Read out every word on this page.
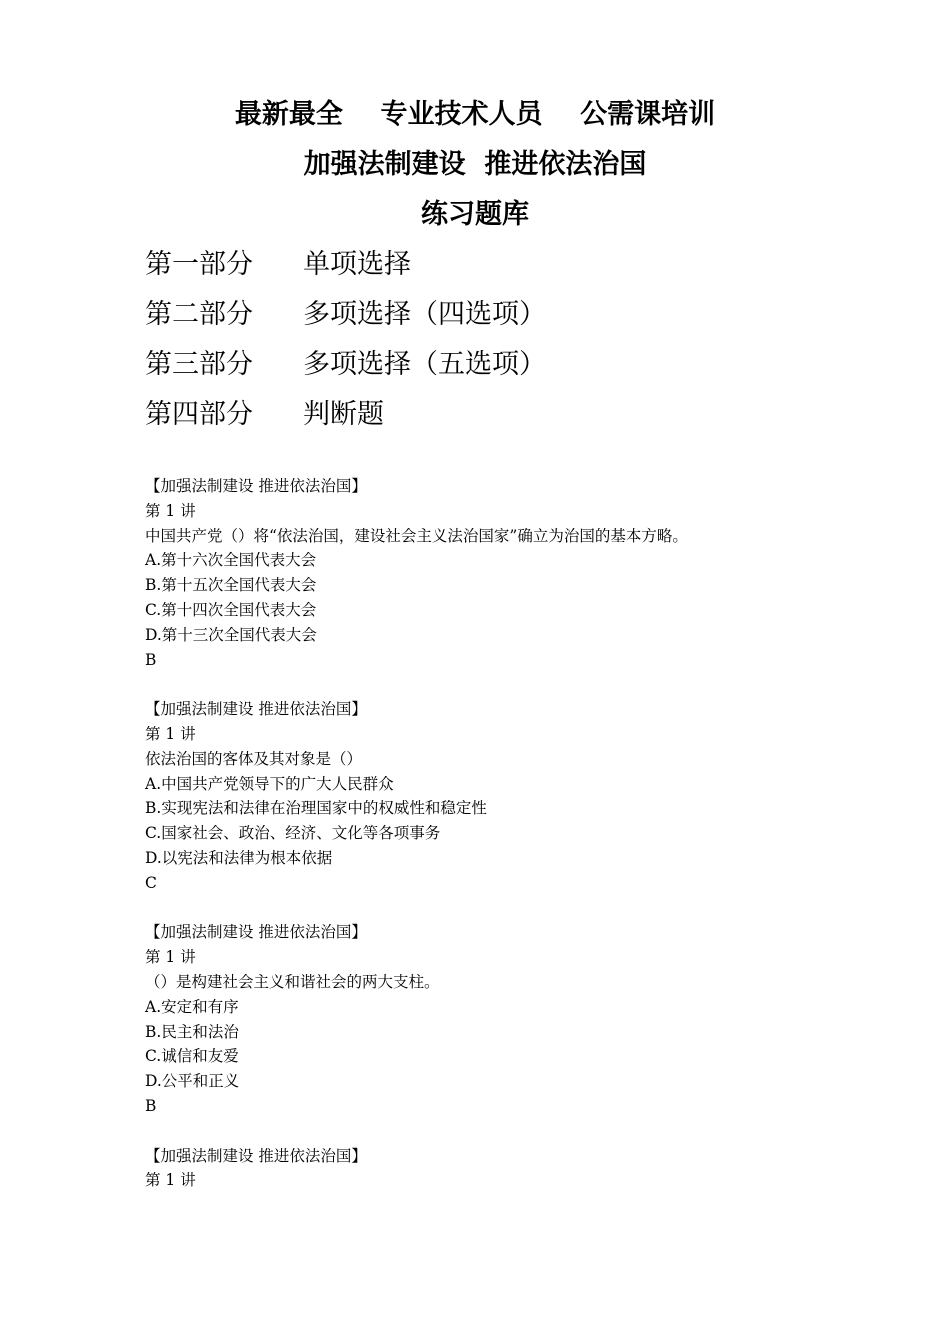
最新最全    专业技术人员    公需课培训
加强法制建设  推进依法治国
练习题库
第一部分 单项选择
第二部分 多项选择（四选项）
第三部分 多项选择（五选项）
第四部分 判断题
【加强法制建设 推进依法治国】
第 1 讲
中国共产党（）将“依法治国，建设社会主义法治国家”确立为治国的基本方略。
A.第十六次全国代表大会
B.第十五次全国代表大会
C.第十四次全国代表大会
D.第十三次全国代表大会
B
【加强法制建设 推进依法治国】
第 1 讲
依法治国的客体及其对象是（）
A.中国共产党领导下的广大人民群众
B.实现宪法和法律在治理国家中的权威性和稳定性
C.国家社会、政治、经济、文化等各项事务
D.以宪法和法律为根本依据
C
【加强法制建设 推进依法治国】
第 1 讲
（）是构建社会主义和谐社会的两大支柱。
A.安定和有序
B.民主和法治
C.诚信和友爱
D.公平和正义
B
【加强法制建设 推进依法治国】
第 1 讲
